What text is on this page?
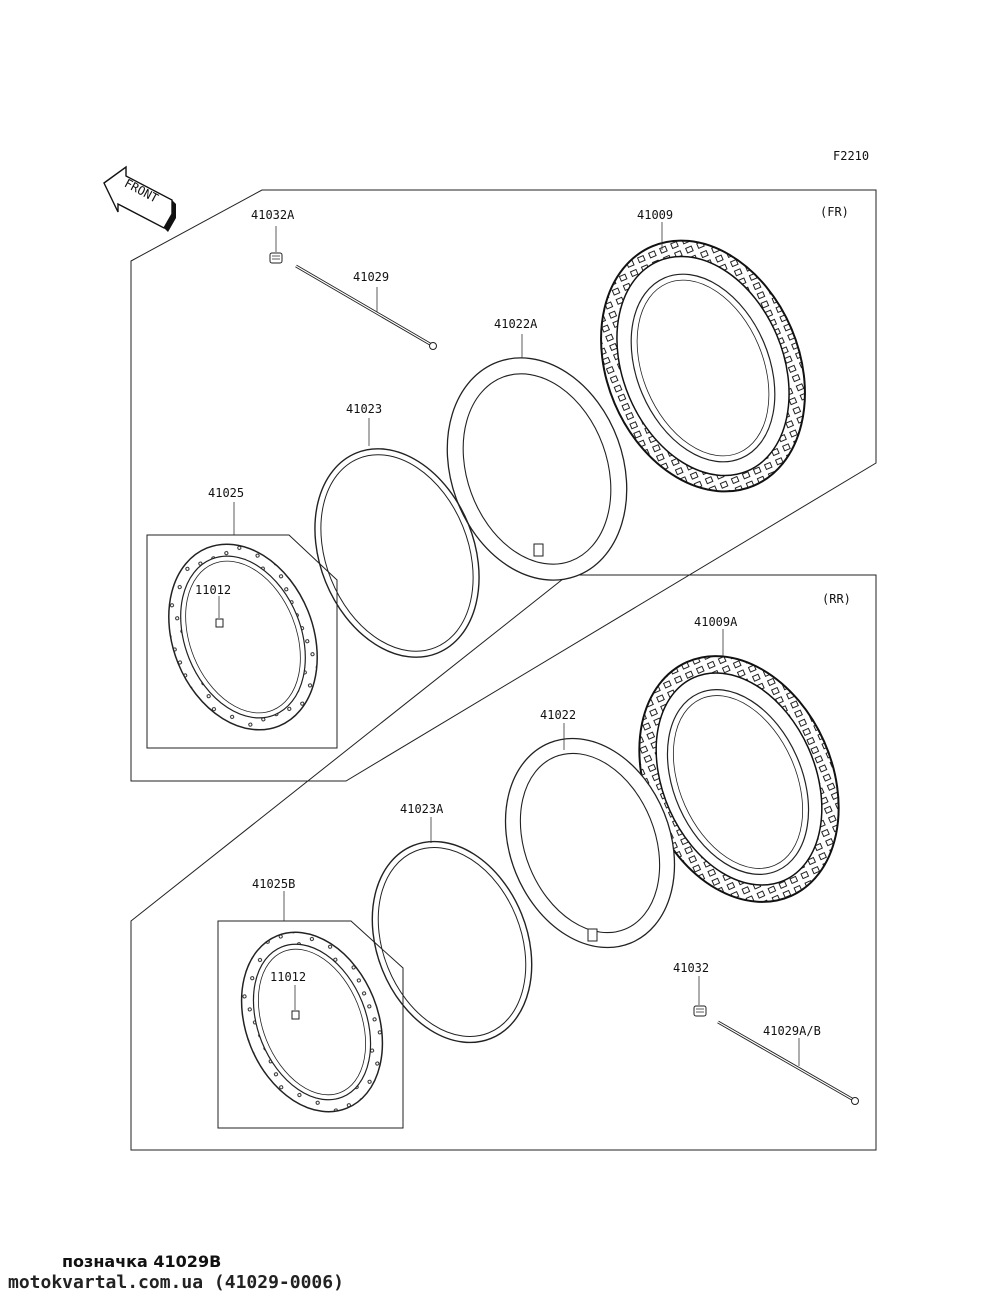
F2210
FRONT
(FR)
(RR)
41032A
41029
41022A
41009
41023
41025
11012
41009A
41022
41023A
41025B
11012
41032
41029A/B
позначка 41029B
motokvartal.com.ua (41029-0006)
